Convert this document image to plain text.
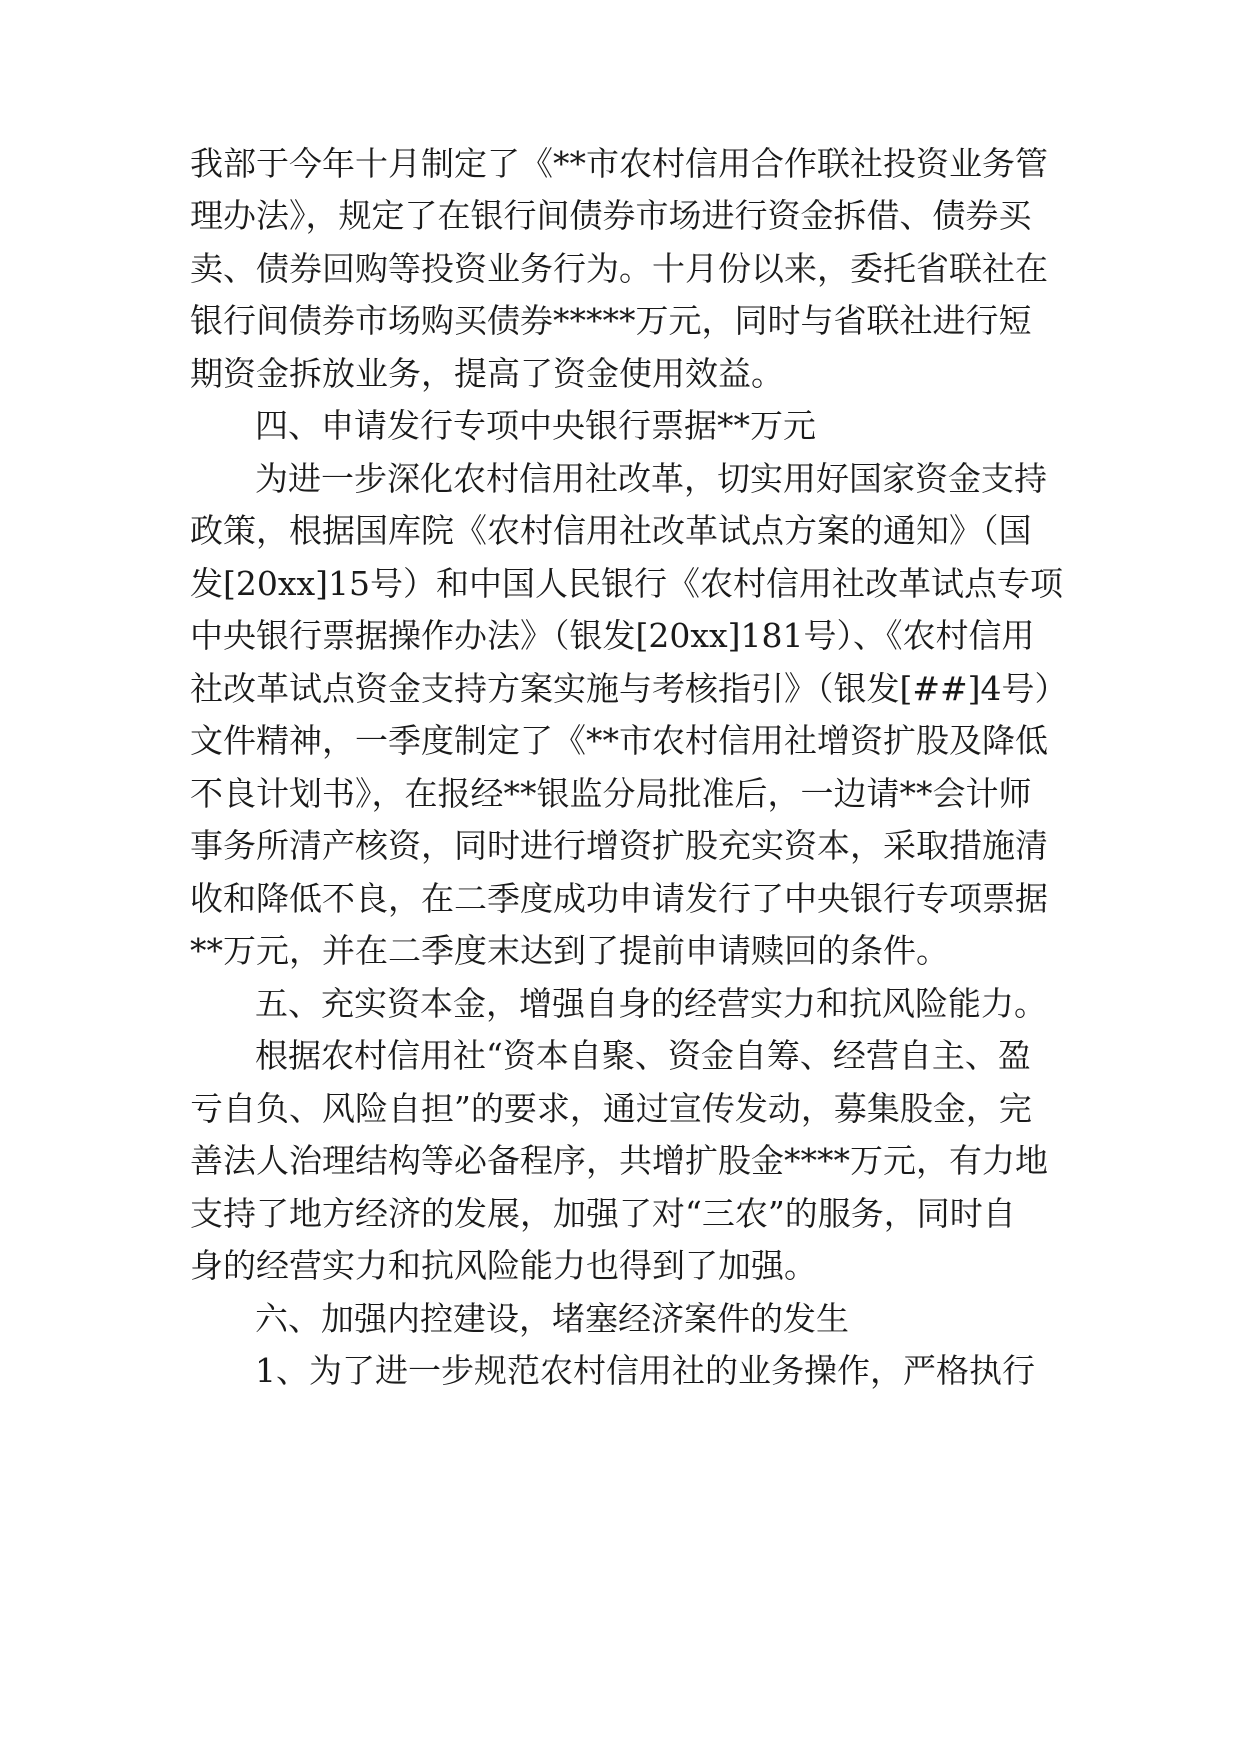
我部于今年十月制定了《**市农村信用合作联社投资业务管
理办法》，规定了在银行间债券市场进行资金拆借、债券买
卖、债券回购等投资业务行为。十月份以来，委托省联社在
银行间债券市场购买债券*****万元，同时与省联社进行短
期资金拆放业务，提高了资金使用效益。
四、申请发行专项中央银行票据**万元
为进一步深化农村信用社改革，切实用好国家资金支持
政策，根据国库院《农村信用社改革试点方案的通知》（国
发[20xx]15号）和中国人民银行《农村信用社改革试点专项
中央银行票据操作办法》（银发[20xx]181号）、《农村信用
社改革试点资金支持方案实施与考核指引》（银发[##]4号）
文件精神，一季度制定了《**市农村信用社增资扩股及降低
不良计划书》，在报经**银监分局批准后，一边请**会计师
事务所清产核资，同时进行增资扩股充实资本，采取措施清
收和降低不良，在二季度成功申请发行了中央银行专项票据
**万元，并在二季度末达到了提前申请赎回的条件。
五、充实资本金，增强自身的经营实力和抗风险能力。
根据农村信用社“资本自聚、资金自筹、经营自主、盈
亏自负、风险自担”的要求，通过宣传发动，募集股金，完
善法人治理结构等必备程序，共增扩股金****万元，有力地
支持了地方经济的发展，加强了对“三农”的服务，同时自
身的经营实力和抗风险能力也得到了加强。
六、加强内控建设，堵塞经济案件的发生
1、为了进一步规范农村信用社的业务操作，严格执行
